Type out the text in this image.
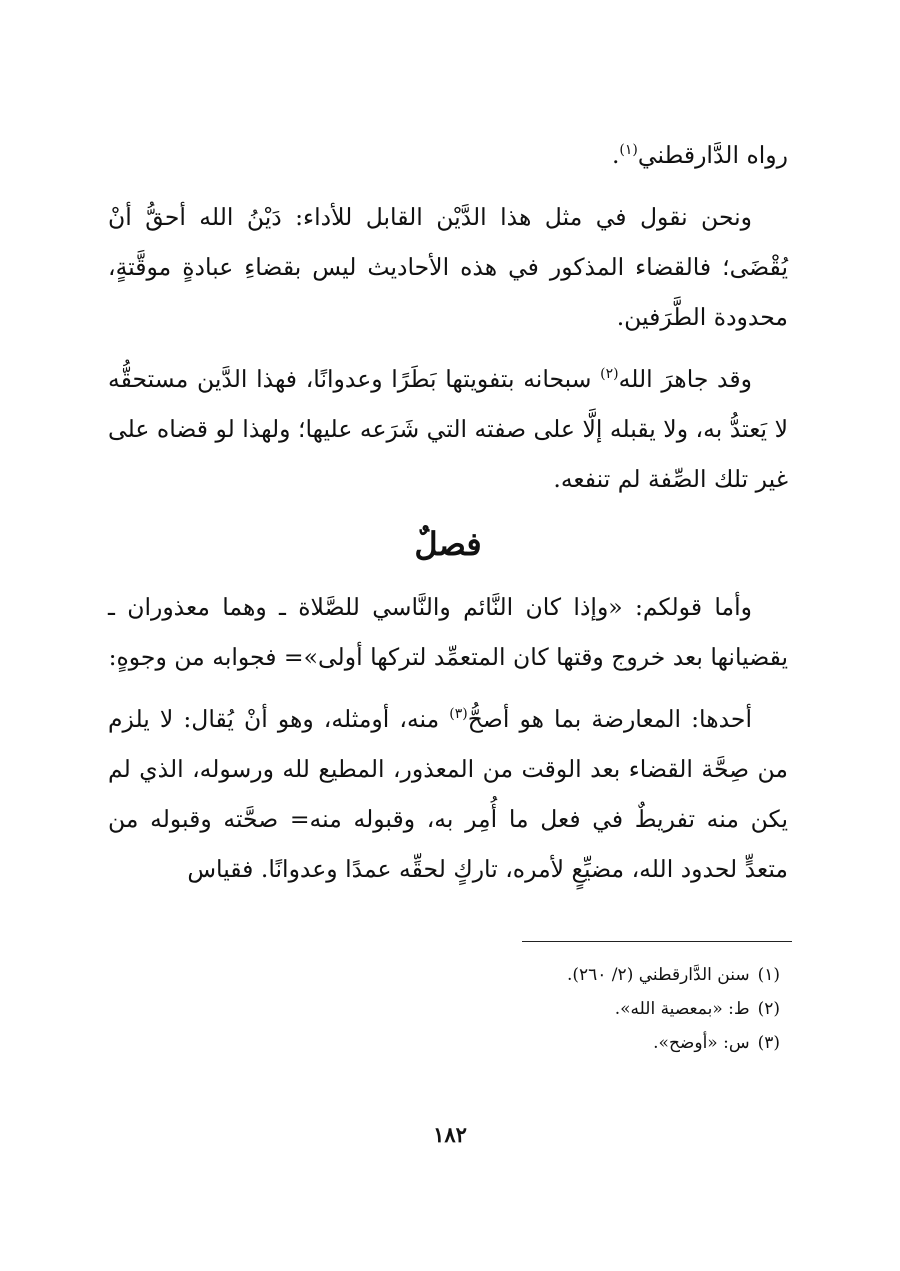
رواه الدَّارقطني$^{(١)}$.

ونحن نقول في مثل هذا الدَّيْن القابل للأداء: دَيْنُ الله أحقُّ أنْ يُقْضَى؛ فالقضاء المذكور في هذه الأحاديث ليس بقضاءِ عبادةٍ موقَّتةٍ، محدودة الطَّرَفين.

وقد جاهرَ الله$^{(٢)}$ سبحانه بتفويتها بَطَرًا وعدوانًا، فهذا الدَّين مستحقُّه لا يَعتدُّ به، ولا يقبله إلَّا على صفته التي شَرَعه عليها؛ ولهذا لو قضاه على غير تلك الصِّفة لم تنفعه.

فصلٌ

وأما قولكم: «وإذا كان النَّائم والنَّاسي للصَّلاة ـ وهما معذوران ـ يقضيانها بعد خروج وقتها كان المتعمِّد لتركها أولى»= فجوابه من وجوهٍ:

أحدها: المعارضة بما هو أصحُّ$^{(٣)}$ منه، أومثله، وهو أنْ يُقال: لا يلزم من صِحَّة القضاء بعد الوقت من المعذور، المطيع لله ورسوله، الذي لم يكن منه تفريطٌ في فعل ما أُمِر به، وقبوله منه= صحَّته وقبوله من متعدٍّ لحدود الله، مضيِّعٍ لأمره، تاركٍ لحقِّه عمدًا وعدوانًا. فقياس

(١)سنن الدَّارقطني (٢/ ٢٦٠).

(٢)ط: «بمعصية الله».

(٣)س: «أوضح».

١٨٢
